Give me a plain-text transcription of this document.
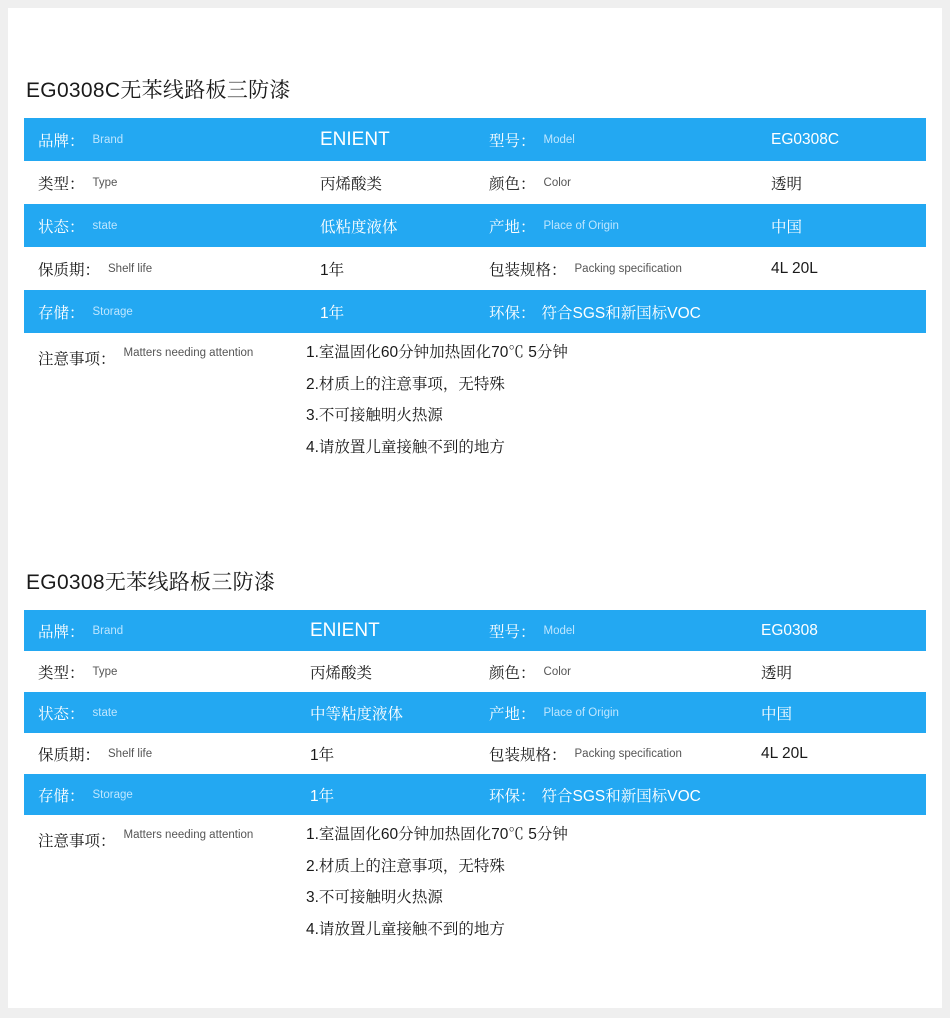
EG0308C无苯线路板三防漆
品牌： Brand	ENIENT	型号： Model	EG0308C
类型： Type	丙烯酸类	颜色： Color	透明
状态： state	低粘度液体	产地： Place of Origin	中国
保质期： Shelf life	1年	包装规格： Packing specification	4L 20L
存储： Storage	1年	环保： 符合SGS和新国标VOC
注意事项： Matters needing attention	1.室温固化60分钟加热固化70℃ 5分钟
2.材质上的注意事项，无特殊
3.不可接触明火热源
4.请放置儿童接触不到的地方
EG0308无苯线路板三防漆
品牌： Brand	ENIENT	型号： Model	EG0308
类型： Type	丙烯酸类	颜色： Color	透明
状态： state	中等粘度液体	产地： Place of Origin	中国
保质期： Shelf life	1年	包装规格： Packing specification	4L 20L
存储： Storage	1年	环保： 符合SGS和新国标VOC
注意事项： Matters needing attention	1.室温固化60分钟加热固化70℃ 5分钟
2.材质上的注意事项，无特殊
3.不可接触明火热源
4.请放置儿童接触不到的地方
